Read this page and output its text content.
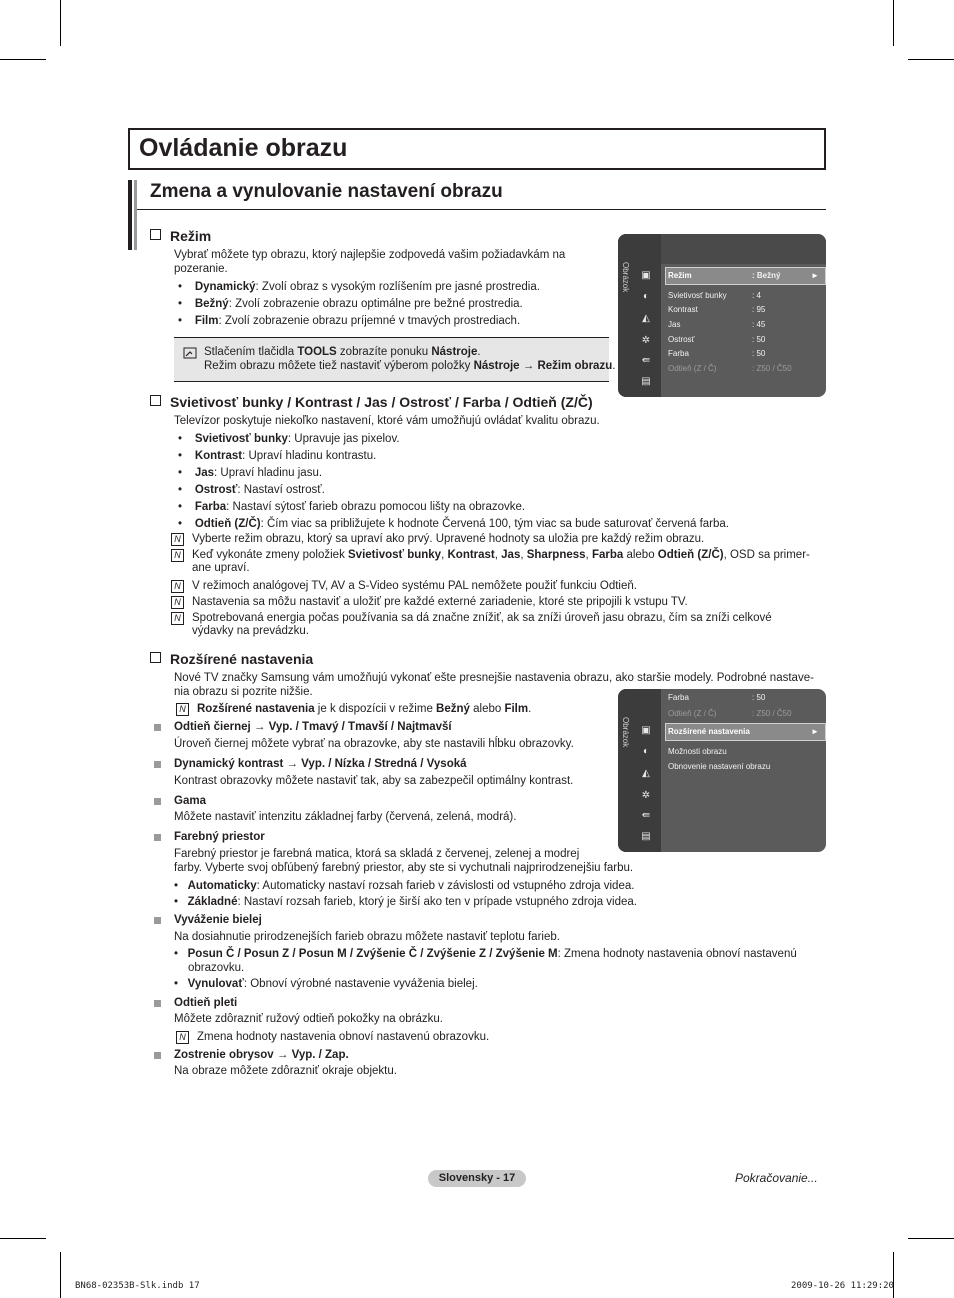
Ovládanie obrazu
Zmena a vynulovanie nastavení obrazu
Režim
Vybrať môžete typ obrazu, ktorý najlepšie zodpovedá vašim požiadavkám na
pozeranie.
•    Dynamický: Zvolí obraz s vysokým rozlíšením pre jasné prostredia.
•    Bežný: Zvolí zobrazenie obrazu optimálne pre bežné prostredia.
•    Film: Zvolí zobrazenie obrazu príjemné v tmavých prostrediach.
Stlačením tlačidla TOOLS zobrazíte ponuku Nástroje.
Režim obrazu môžete tiež nastaviť výberom položky Nástroje → Režim obrazu.
Obrázok ▣
◐
◭
✲
⇚
▤
Režim	: Bežný	►
Svietivosť bunky	: 4
Kontrast	: 95
Jas	: 45
Ostrosť	: 50
Farba	: 50
Odtieň (Z / Č)	: Z50 / Č50
Svietivosť bunky / Kontrast / Jas / Ostrosť / Farba / Odtieň (Z/Č)
Televízor poskytuje niekoľko nastavení, ktoré vám umožňujú ovládať kvalitu obrazu.
•    Svietivosť bunky: Upravuje jas pixelov.
•    Kontrast: Upraví hladinu kontrastu.
•    Jas: Upraví hladinu jasu.
•    Ostrosť: Nastaví ostrosť.
•    Farba: Nastaví sýtosť farieb obrazu pomocou lišty na obrazovke.
•    Odtieň (Z/Č): Čím viac sa približujete k hodnote Červená 100, tým viac sa bude saturovať červená farba.
N Vyberte režim obrazu, ktorý sa upraví ako prvý. Upravené hodnoty sa uložia pre každý režim obrazu.
N Keď vykonáte zmeny položiek Svietivosť bunky, Kontrast, Jas, Sharpness, Farba alebo Odtieň (Z/Č), OSD sa primer-
ane upraví.
N V režimoch analógovej TV, AV a S-Video systému PAL nemôžete použiť funkciu Odtieň.
N Nastavenia sa môžu nastaviť a uložiť pre každé externé zariadenie, ktoré ste pripojili k vstupu TV.
N Spotrebovaná energia počas používania sa dá značne znížiť, ak sa zníži úroveň jasu obrazu, čím sa zníži celkové
výdavky na prevádzku.
Rozšírené nastavenia
Nové TV značky Samsung vám umožňujú vykonať ešte presnejšie nastavenia obrazu, ako staršie modely. Podrobné nastave-
nia obrazu si pozrite nižšie.
N Rozšírené nastavenia je k dispozícii v režime Bežný alebo Film.
Odtieň čiernej → Vyp. / Tmavý / Tmavší / Najtmavší
Úroveň čiernej môžete vybrať na obrazovke, aby ste nastavili hĺbku obrazovky.
Dynamický kontrast → Vyp. / Nízka / Stredná / Vysoká
Kontrast obrazovky môžete nastaviť tak, aby sa zabezpečil optimálny kontrast.
Gama
Môžete nastaviť intenzitu základnej farby (červená, zelená, modrá).
Farebný priestor
Farebný priestor je farebná matica, ktorá sa skladá z červenej, zelenej a modrej
farby. Vyberte svoj obľúbený farebný priestor, aby ste si vychutnali najprirodzenejšiu farbu.
•   Automaticky: Automaticky nastaví rozsah farieb v závislosti od vstupného zdroja videa.
•   Základné: Nastaví rozsah farieb, ktorý je širší ako ten v prípade vstupného zdroja videa.
Vyváženie bielej
Na dosiahnutie prirodzenejších farieb obrazu môžete nastaviť teplotu farieb.
•   Posun Č / Posun Z / Posun M / Zvýšenie Č / Zvýšenie Z / Zvýšenie M: Zmena hodnoty nastavenia obnoví nastavenú
obrazovku.
•   Vynulovať: Obnoví výrobné nastavenie vyváženia bielej.
Odtieň pleti
Môžete zdôrazniť ružový odtieň pokožky na obrázku.
N Zmena hodnoty nastavenia obnoví nastavenú obrazovku.
Zostrenie obrysov → Vyp. / Zap.
Na obraze môžete zdôrazniť okraje objektu.
Obrázok ▣
◐
◭
✲
⇚
▤
Farba	: 50
Odtieň (Z / Č)	: Z50 / Č50
Rozšírené nastavenia	►
Možnosti obrazu
Obnovenie nastavení obrazu
Slovensky - 17	Pokračovanie...
BN68-02353B-Slk.indb 17	2009-10-26 11:29:20
